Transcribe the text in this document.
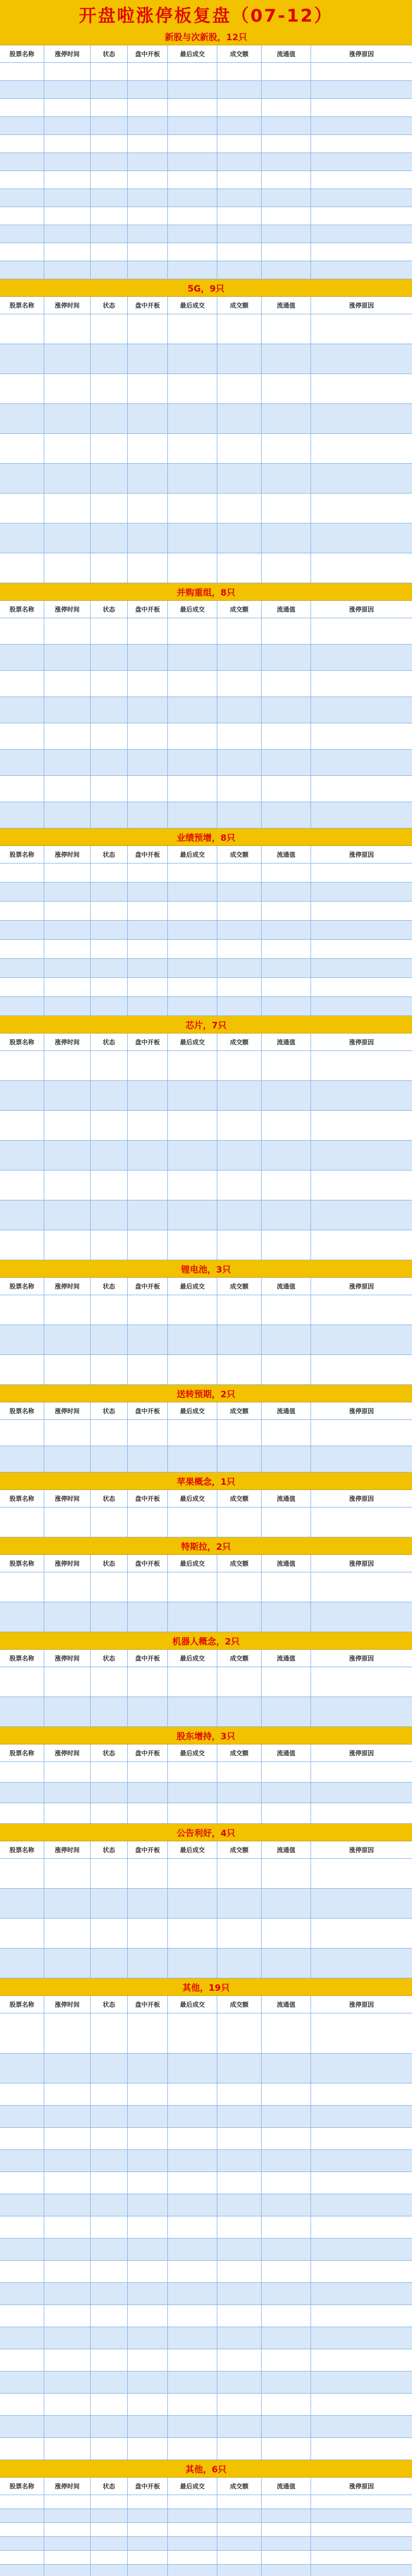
开盘啦涨停板复盘（07-12）
新股与次新股，12只
股票名称	涨停时间	状态	盘中开板	最后成交	成交额	流通值	涨停原因
5G，9只
股票名称	涨停时间	状态	盘中开板	最后成交	成交额	流通值	涨停原因
并购重组，8只
股票名称	涨停时间	状态	盘中开板	最后成交	成交额	流通值	涨停原因
业绩预增，8只
股票名称	涨停时间	状态	盘中开板	最后成交	成交额	流通值	涨停原因
芯片，7只
股票名称	涨停时间	状态	盘中开板	最后成交	成交额	流通值	涨停原因
锂电池，3只
股票名称	涨停时间	状态	盘中开板	最后成交	成交额	流通值	涨停原因
送转预期，2只
股票名称	涨停时间	状态	盘中开板	最后成交	成交额	流通值	涨停原因
苹果概念，1只
股票名称	涨停时间	状态	盘中开板	最后成交	成交额	流通值	涨停原因
特斯拉，2只
股票名称	涨停时间	状态	盘中开板	最后成交	成交额	流通值	涨停原因
机器人概念，2只
股票名称	涨停时间	状态	盘中开板	最后成交	成交额	流通值	涨停原因
股东增持，3只
股票名称	涨停时间	状态	盘中开板	最后成交	成交额	流通值	涨停原因
公告利好，4只
股票名称	涨停时间	状态	盘中开板	最后成交	成交额	流通值	涨停原因
其他，19只
股票名称	涨停时间	状态	盘中开板	最后成交	成交额	流通值	涨停原因
其他，6只
股票名称	涨停时间	状态	盘中开板	最后成交	成交额	流通值	涨停原因
